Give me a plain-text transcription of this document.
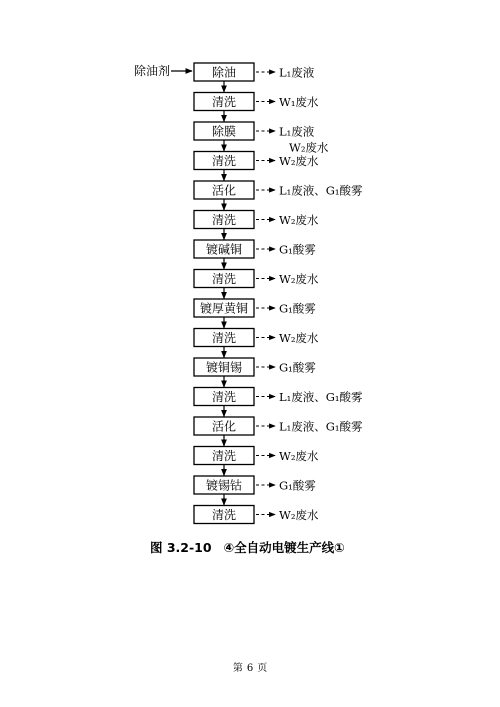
除油剂	除油	L₁废液
清洗	W₁废水
除膜	L₁废液
W₂废水
清洗	W₂废水
活化	L₁废液、G₁酸雾
清洗	W₂废水
镀碱铜	G₁酸雾
清洗	W₂废水
镀厚黄铜	G₁酸雾
清洗	W₂废水
镀铜锡	G₁酸雾
清洗	L₁废液、G₁酸雾
活化	L₁废液、G₁酸雾
清洗	W₂废水
镀锡钴	G₁酸雾
清洗	W₂废水
图 3.2-10 ④全自动电镀生产线①
第 6 页
